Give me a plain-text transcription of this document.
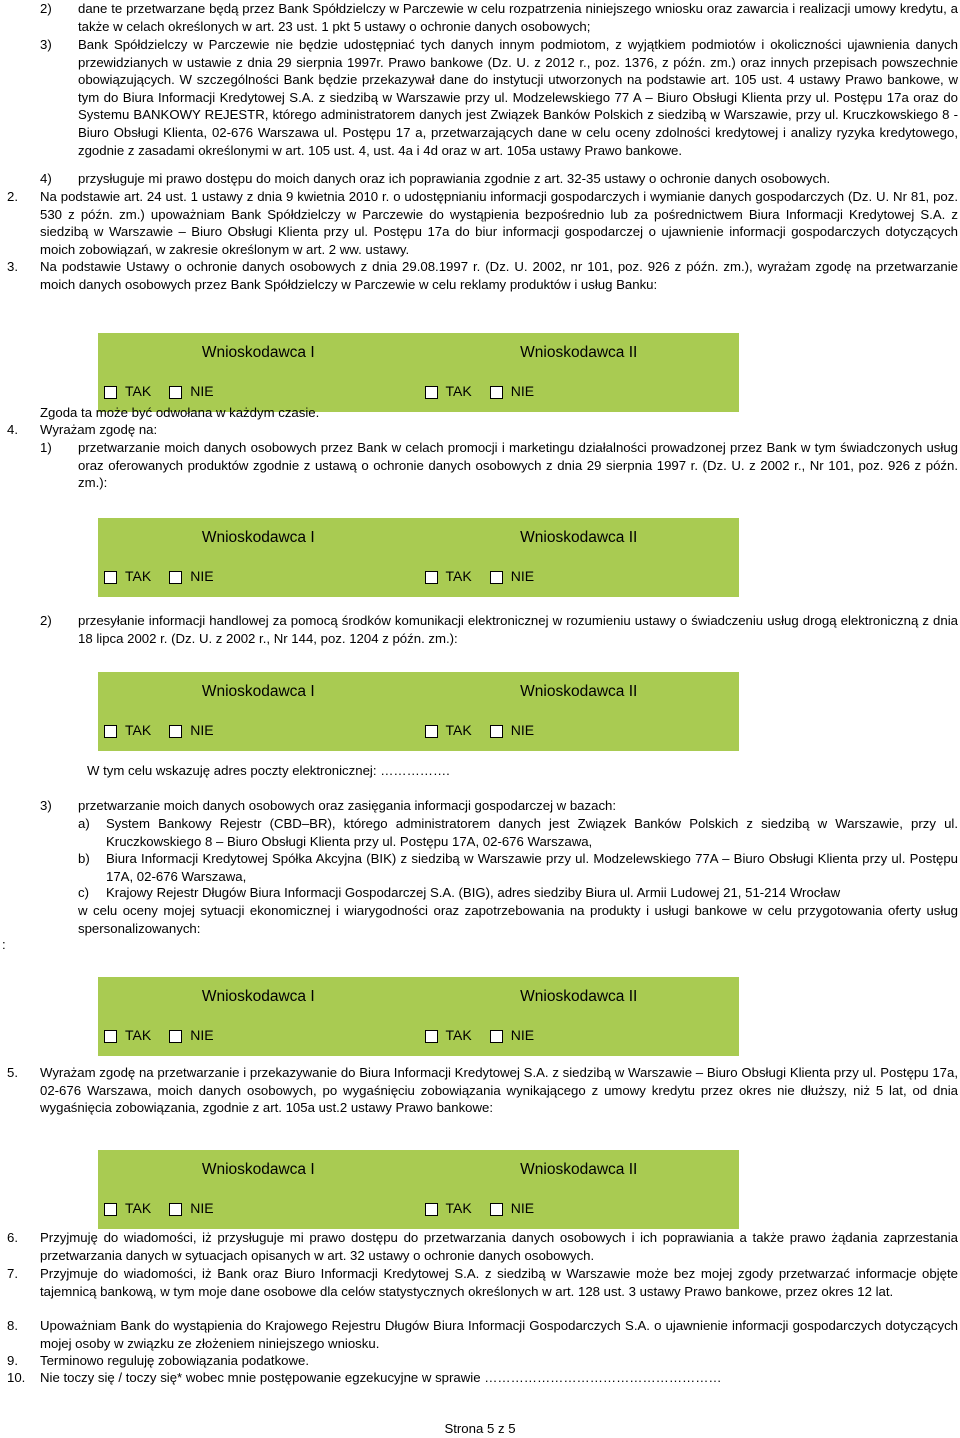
2) dane te przetwarzane będą przez Bank Spółdzielczy w Parczewie w celu rozpatrzenia niniejszego wniosku oraz zawarcia i realizacji umowy kredytu, a także w celach określonych w art. 23 ust. 1 pkt 5 ustawy o ochronie danych osobowych;
3) Bank Spółdzielczy w Parczewie nie będzie udostępniać tych danych innym podmiotom, z wyjątkiem podmiotów i okoliczności ujawnienia danych przewidzianych w ustawie z dnia 29 sierpnia 1997r. Prawo bankowe (Dz. U. z 2012 r., poz. 1376, z późn. zm.) oraz innych przepisach powszechnie obowiązujących. W szczególności Bank będzie przekazywał dane do instytucji utworzonych na podstawie art. 105 ust. 4 ustawy Prawo bankowe, w tym do Biura Informacji Kredytowej S.A. z siedzibą w Warszawie przy ul. Modzelewskiego 77 A – Biuro Obsługi Klienta przy ul. Postępu 17a oraz do Systemu BANKOWY REJESTR, którego administratorem danych jest Związek Banków Polskich z siedzibą w Warszawie, przy ul. Kruczkowskiego 8 - Biuro Obsługi Klienta, 02-676 Warszawa ul. Postępu 17 a, przetwarzających dane w celu oceny zdolności kredytowej i analizy ryzyka kredytowego, zgodnie z zasadami określonymi w art. 105 ust. 4, ust. 4a i 4d oraz w art. 105a ustawy Prawo bankowe.
4) przysługuje mi prawo dostępu do moich danych oraz ich poprawiania zgodnie z art. 32-35 ustawy o ochronie danych osobowych.
2. Na podstawie art. 24 ust. 1 ustawy z dnia 9 kwietnia 2010 r. o udostępnianiu informacji gospodarczych i wymianie danych gospodarczych (Dz. U. Nr 81, poz. 530 z późn. zm.) upoważniam Bank Spółdzielczy w Parczewie do wystąpienia bezpośrednio lub za pośrednictwem Biura Informacji Kredytowej S.A. z siedzibą w Warszawie – Biuro Obsługi Klienta przy ul. Postępu 17a do biur informacji gospodarczej o ujawnienie informacji gospodarczych dotyczących moich zobowiązań, w zakresie określonym w art. 2 ww. ustawy.
3. Na podstawie Ustawy o ochronie danych osobowych z dnia 29.08.1997 r. (Dz. U. 2002, nr 101, poz. 926 z późn. zm.), wyrażam zgodę na przetwarzanie moich danych osobowych przez Bank Spółdzielczy w Parczewie w celu reklamy produktów i usług Banku:
Wnioskodawca I	Wnioskodawca II
TAK	NIE	TAK	NIE
Zgoda ta może być odwołana w każdym czasie.
4. Wyrażam zgodę na:
1) przetwarzanie moich danych osobowych przez Bank w celach promocji i marketingu działalności prowadzonej przez Bank w tym świadczonych usług oraz oferowanych produktów zgodnie z ustawą o ochronie danych osobowych z dnia 29 sierpnia 1997 r. (Dz. U. z 2002 r., Nr 101, poz. 926 z późn. zm.):
Wnioskodawca I	Wnioskodawca II
TAK	NIE	TAK	NIE
2) przesyłanie informacji handlowej za pomocą środków komunikacji elektronicznej w rozumieniu ustawy o świadczeniu usług drogą elektroniczną z dnia 18 lipca 2002 r. (Dz. U. z 2002 r., Nr 144, poz. 1204 z późn. zm.):
Wnioskodawca I	Wnioskodawca II
TAK	NIE	TAK	NIE
W tym celu wskazuję adres poczty elektronicznej: …………….
3) przetwarzanie moich danych osobowych oraz zasięgania informacji gospodarczej w bazach:
a) System Bankowy Rejestr (CBD–BR), którego administratorem danych jest Związek Banków Polskich z siedzibą w Warszawie, przy ul. Kruczkowskiego 8 – Biuro Obsługi Klienta przy ul. Postępu 17A, 02-676 Warszawa,
b) Biura Informacji Kredytowej Spółka Akcyjna (BIK) z siedzibą w Warszawie przy ul. Modzelewskiego 77A – Biuro Obsługi Klienta przy ul. Postępu 17A, 02-676 Warszawa,
c) Krajowy Rejestr Długów Biura Informacji Gospodarczej S.A. (BIG), adres siedziby Biura ul. Armii Ludowej 21, 51-214 Wrocław
w celu oceny mojej sytuacji ekonomicznej i wiarygodności oraz zapotrzebowania na produkty i usługi bankowe w celu przygotowania oferty usług spersonalizowanych:
:
Wnioskodawca I	Wnioskodawca II
TAK	NIE	TAK	NIE
5. Wyrażam zgodę na przetwarzanie i przekazywanie do Biura Informacji Kredytowej S.A. z siedzibą w Warszawie – Biuro Obsługi Klienta przy ul. Postępu 17a, 02-676 Warszawa, moich danych osobowych, po wygaśnięciu zobowiązania wynikającego z umowy kredytu przez okres nie dłuższy, niż 5 lat, od dnia wygaśnięcia zobowiązania, zgodnie z art. 105a ust.2 ustawy Prawo bankowe:
Wnioskodawca I	Wnioskodawca II
TAK	NIE	TAK	NIE
6. Przyjmuję do wiadomości, iż przysługuje mi prawo dostępu do przetwarzania danych osobowych i ich poprawiania a także prawo żądania zaprzestania przetwarzania danych w sytuacjach opisanych w art. 32 ustawy o ochronie danych osobowych.
7. Przyjmuje do wiadomości, iż Bank oraz Biuro Informacji Kredytowej S.A. z siedzibą w Warszawie może bez mojej zgody przetwarzać informacje objęte tajemnicą bankową, w tym moje dane osobowe dla celów statystycznych określonych w art. 128 ust. 3 ustawy Prawo bankowe, przez okres 12 lat.
8. Upoważniam Bank do wystąpienia do Krajowego Rejestru Długów Biura Informacji Gospodarczych S.A. o ujawnienie informacji gospodarczych dotyczących mojej osoby w związku ze złożeniem niniejszego wniosku.
9. Terminowo reguluję zobowiązania podatkowe.
10. Nie toczy się / toczy się* wobec mnie postępowanie egzekucyjne w sprawie ………………………………………………
Strona 5 z 5
